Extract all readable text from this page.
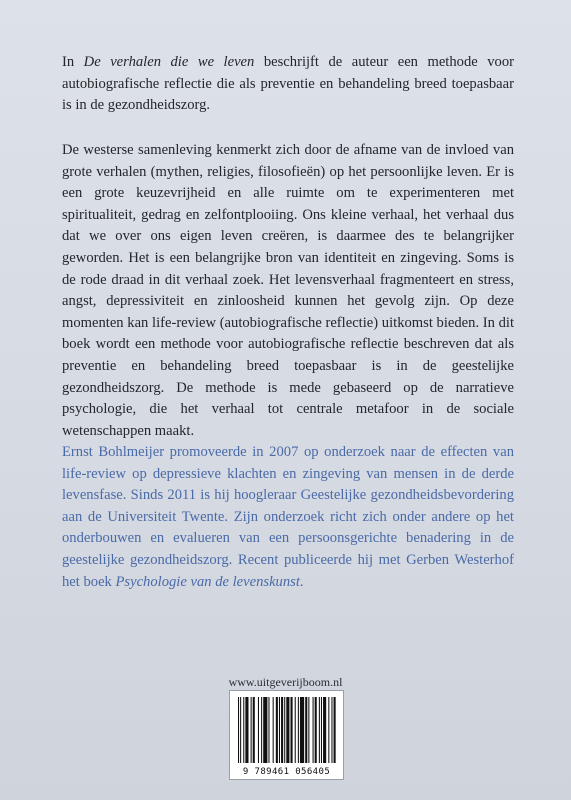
In De verhalen die we leven beschrijft de auteur een methode voor autobiografische reflectie die als preventie en behandeling breed toepasbaar is in de gezondheidszorg.

De westerse samenleving kenmerkt zich door de afname van de invloed van grote verhalen (mythen, religies, filosofieën) op het persoonlijke leven. Er is een grote keuzevrijheid en alle ruimte om te experimenteren met spiritualiteit, gedrag en zelfontplooiing. Ons kleine verhaal, het verhaal dus dat we over ons eigen leven creëren, is daarmee des te belangrijker geworden. Het is een belangrijke bron van identiteit en zingeving. Soms is de rode draad in dit verhaal zoek. Het levensverhaal fragmenteert en stress, angst, depressiviteit en zinloosheid kunnen het gevolg zijn. Op deze momenten kan life-review (autobiografische reflectie) uitkomst bieden. In dit boek wordt een methode voor autobiografische reflectie beschreven dat als preventie en behandeling breed toepasbaar is in de geestelijke gezondheidszorg. De methode is mede gebaseerd op de narratieve psychologie, die het verhaal tot centrale metafoor in de sociale wetenschappen maakt.

Ernst Bohlmeijer promoveerde in 2007 op onderzoek naar de effecten van life-review op depressieve klachten en zingeving van mensen in de derde levensfase. Sinds 2011 is hij hoogleraar Geestelijke gezondheidsbevordering aan de Universiteit Twente. Zijn onderzoek richt zich onder andere op het onderbouwen en evalueren van een persoonsgerichte benadering in de geestelijke gezondheidszorg. Recent publiceerde hij met Gerben Westerhof het boek Psychologie van de levenskunst.

www.uitgeverijboom.nl

9 789461 056405
